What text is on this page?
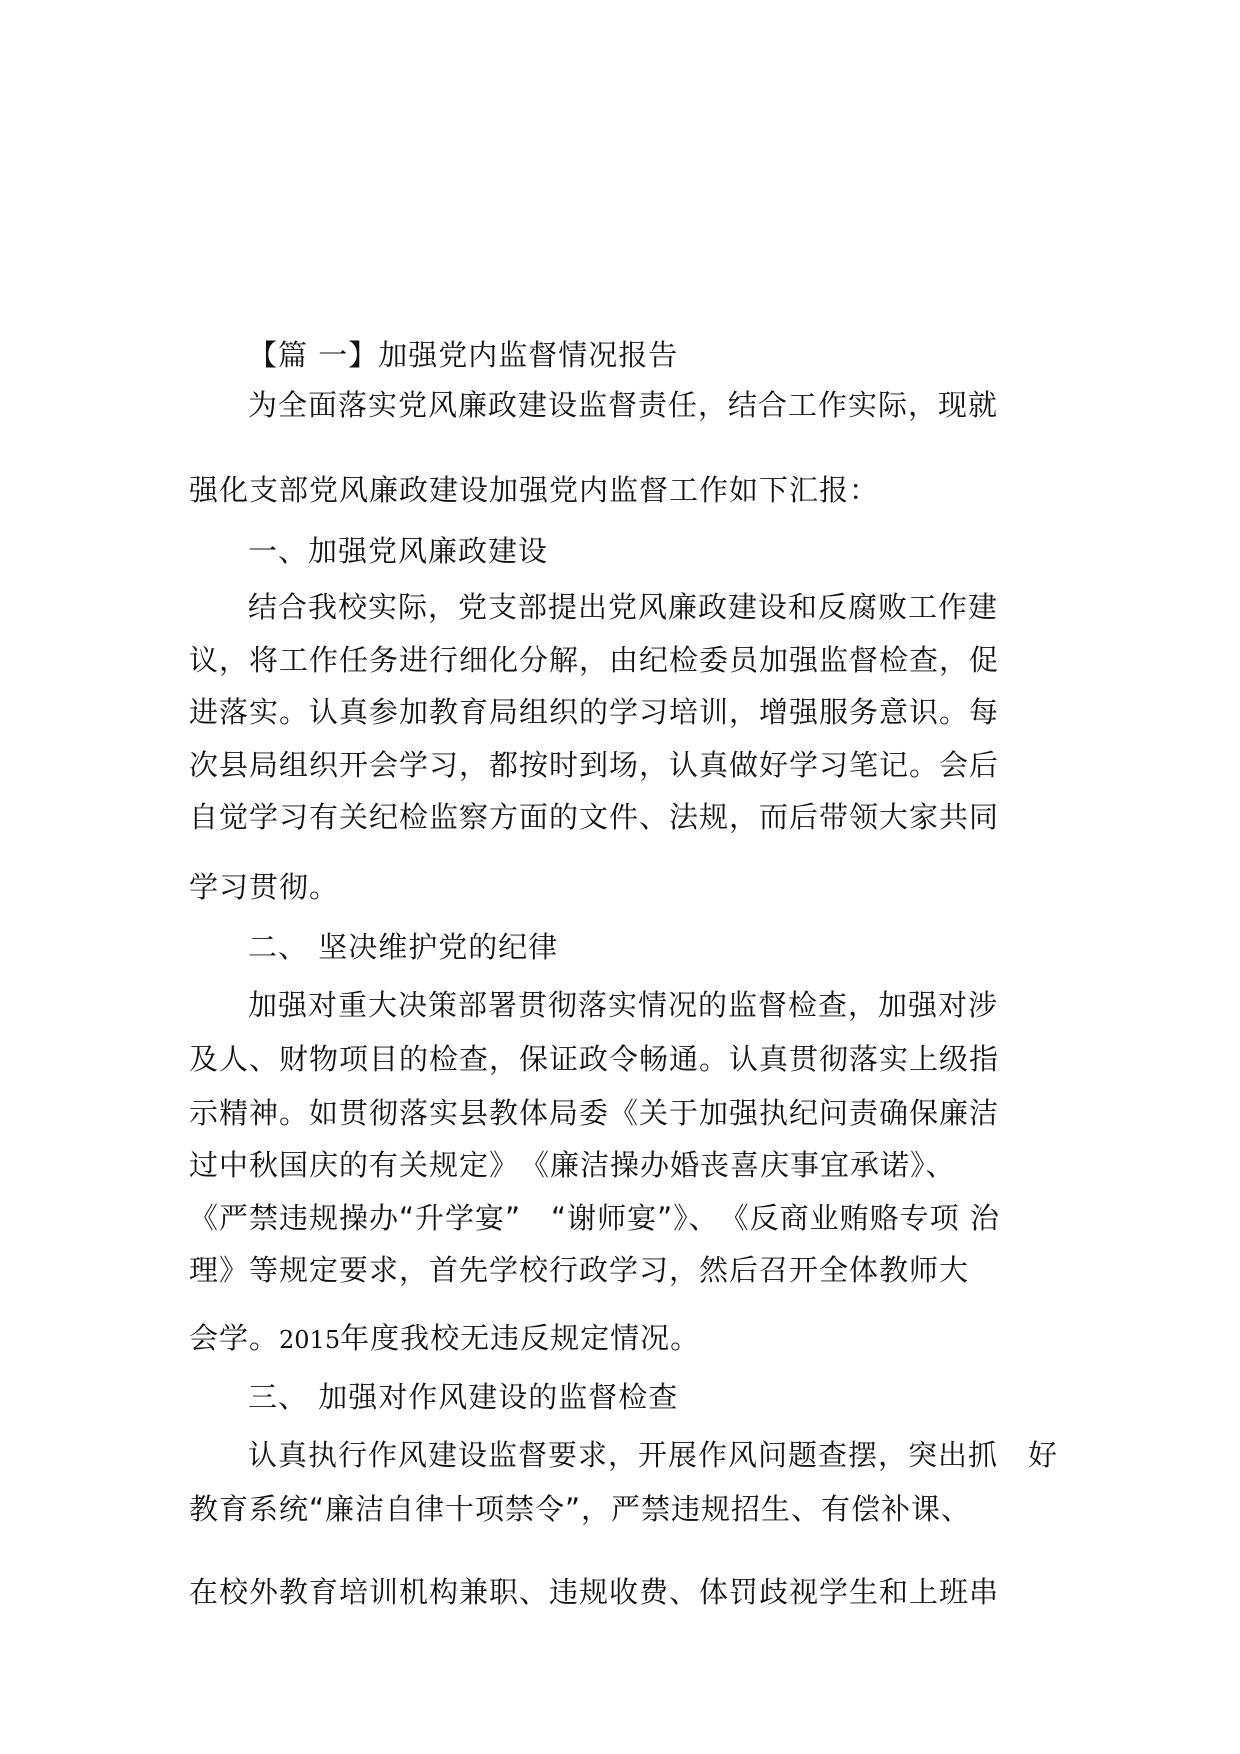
【篇 一】加强党内监督情况报告
为全面落实党风廉政建设监督责任，结合工作实际，现就
强化支部党风廉政建设加强党内监督工作如下汇报：
一、加强党风廉政建设
结合我校实际，党支部提出党风廉政建设和反腐败工作建
议，将工作任务进行细化分解，由纪检委员加强监督检查，促
进落实。认真参加教育局组织的学习培训，增强服务意识。每
次县局组织开会学习，都按时到场，认真做好学习笔记。会后
自觉学习有关纪检监察方面的文件、法规，而后带领大家共同
学习贯彻。
二、 坚决维护党的纪律
加强对重大决策部署贯彻落实情况的监督检查，加强对涉
及人、财物项目的检查，保证政令畅通。认真贯彻落实上级指
示精神。如贯彻落实县教体局委《关于加强执纪问责确保廉洁
过中秋国庆的有关规定》　《廉洁操办婚丧喜庆事宜承诺》、
《严禁违规操办“升学宴”　“谢师宴”》、　《反商业贿赂专项 治
理》等规定要求，首先学校行政学习，然后召开全体教师大
会学。2015年度我校无违反规定情况。
三、 加强对作风建设的监督检查
认真执行作风建设监督要求，开展作风问题查摆，突出抓　好
教育系统“廉洁自律十项禁令”，严禁违规招生、有偿补课、
在校外教育培训机构兼职、违规收费、体罚歧视学生和上班串
